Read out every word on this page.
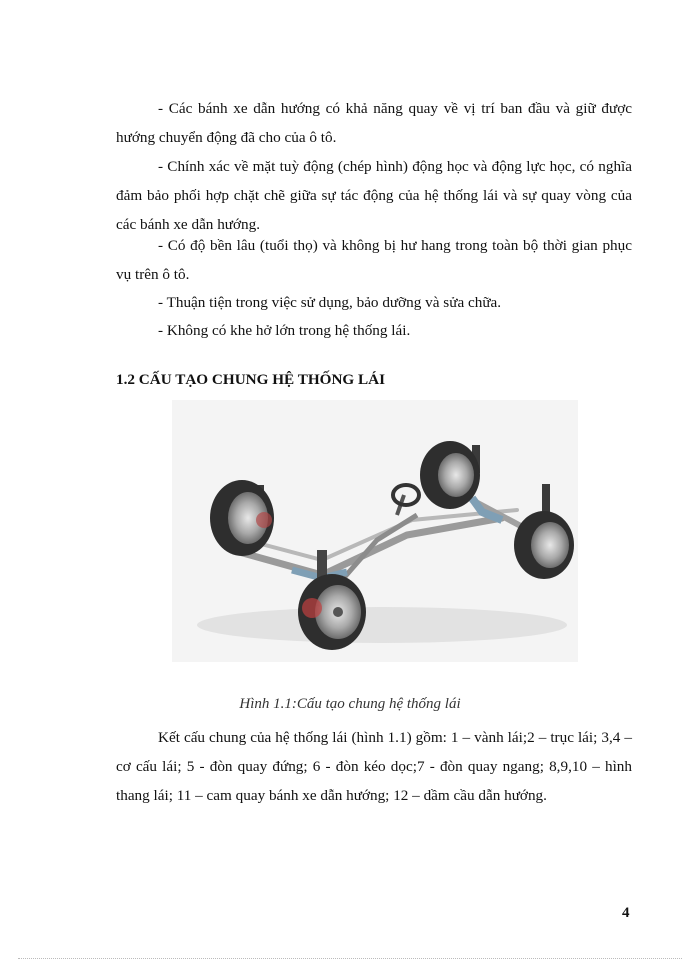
- Các bánh xe dẫn hướng có khả năng quay về vị trí ban đầu và giữ được hướng chuyển động đã cho của ô tô.

- Chính xác về mặt tuỳ động (chép hình) động học và động lực học, có nghĩa đảm bảo phối hợp chặt chẽ giữa sự tác động của hệ thống lái và sự quay vòng của các bánh xe dẫn hướng.

- Có độ bền lâu (tuổi thọ) và không bị hư hang trong toàn bộ thời gian phục vụ trên ô tô.

- Thuận tiện trong việc sử dụng, bảo dưỡng và sửa chữa.

- Không có khe hở lớn trong hệ thống lái.

1.2 CẤU TẠO CHUNG HỆ THỐNG LÁI

Hình 1.1:Cấu tạo chung hệ thống lái

Kết cấu chung của hệ thống lái (hình 1.1) gồm: 1 – vành lái;2 – trục lái; 3,4 – cơ cấu lái; 5 - đòn quay đứng; 6 - đòn kéo dọc;7 - đòn quay ngang; 8,9,10 – hình thang lái; 11 – cam quay bánh xe dẫn hướng; 12 – dầm cầu dẫn hướng.

4
